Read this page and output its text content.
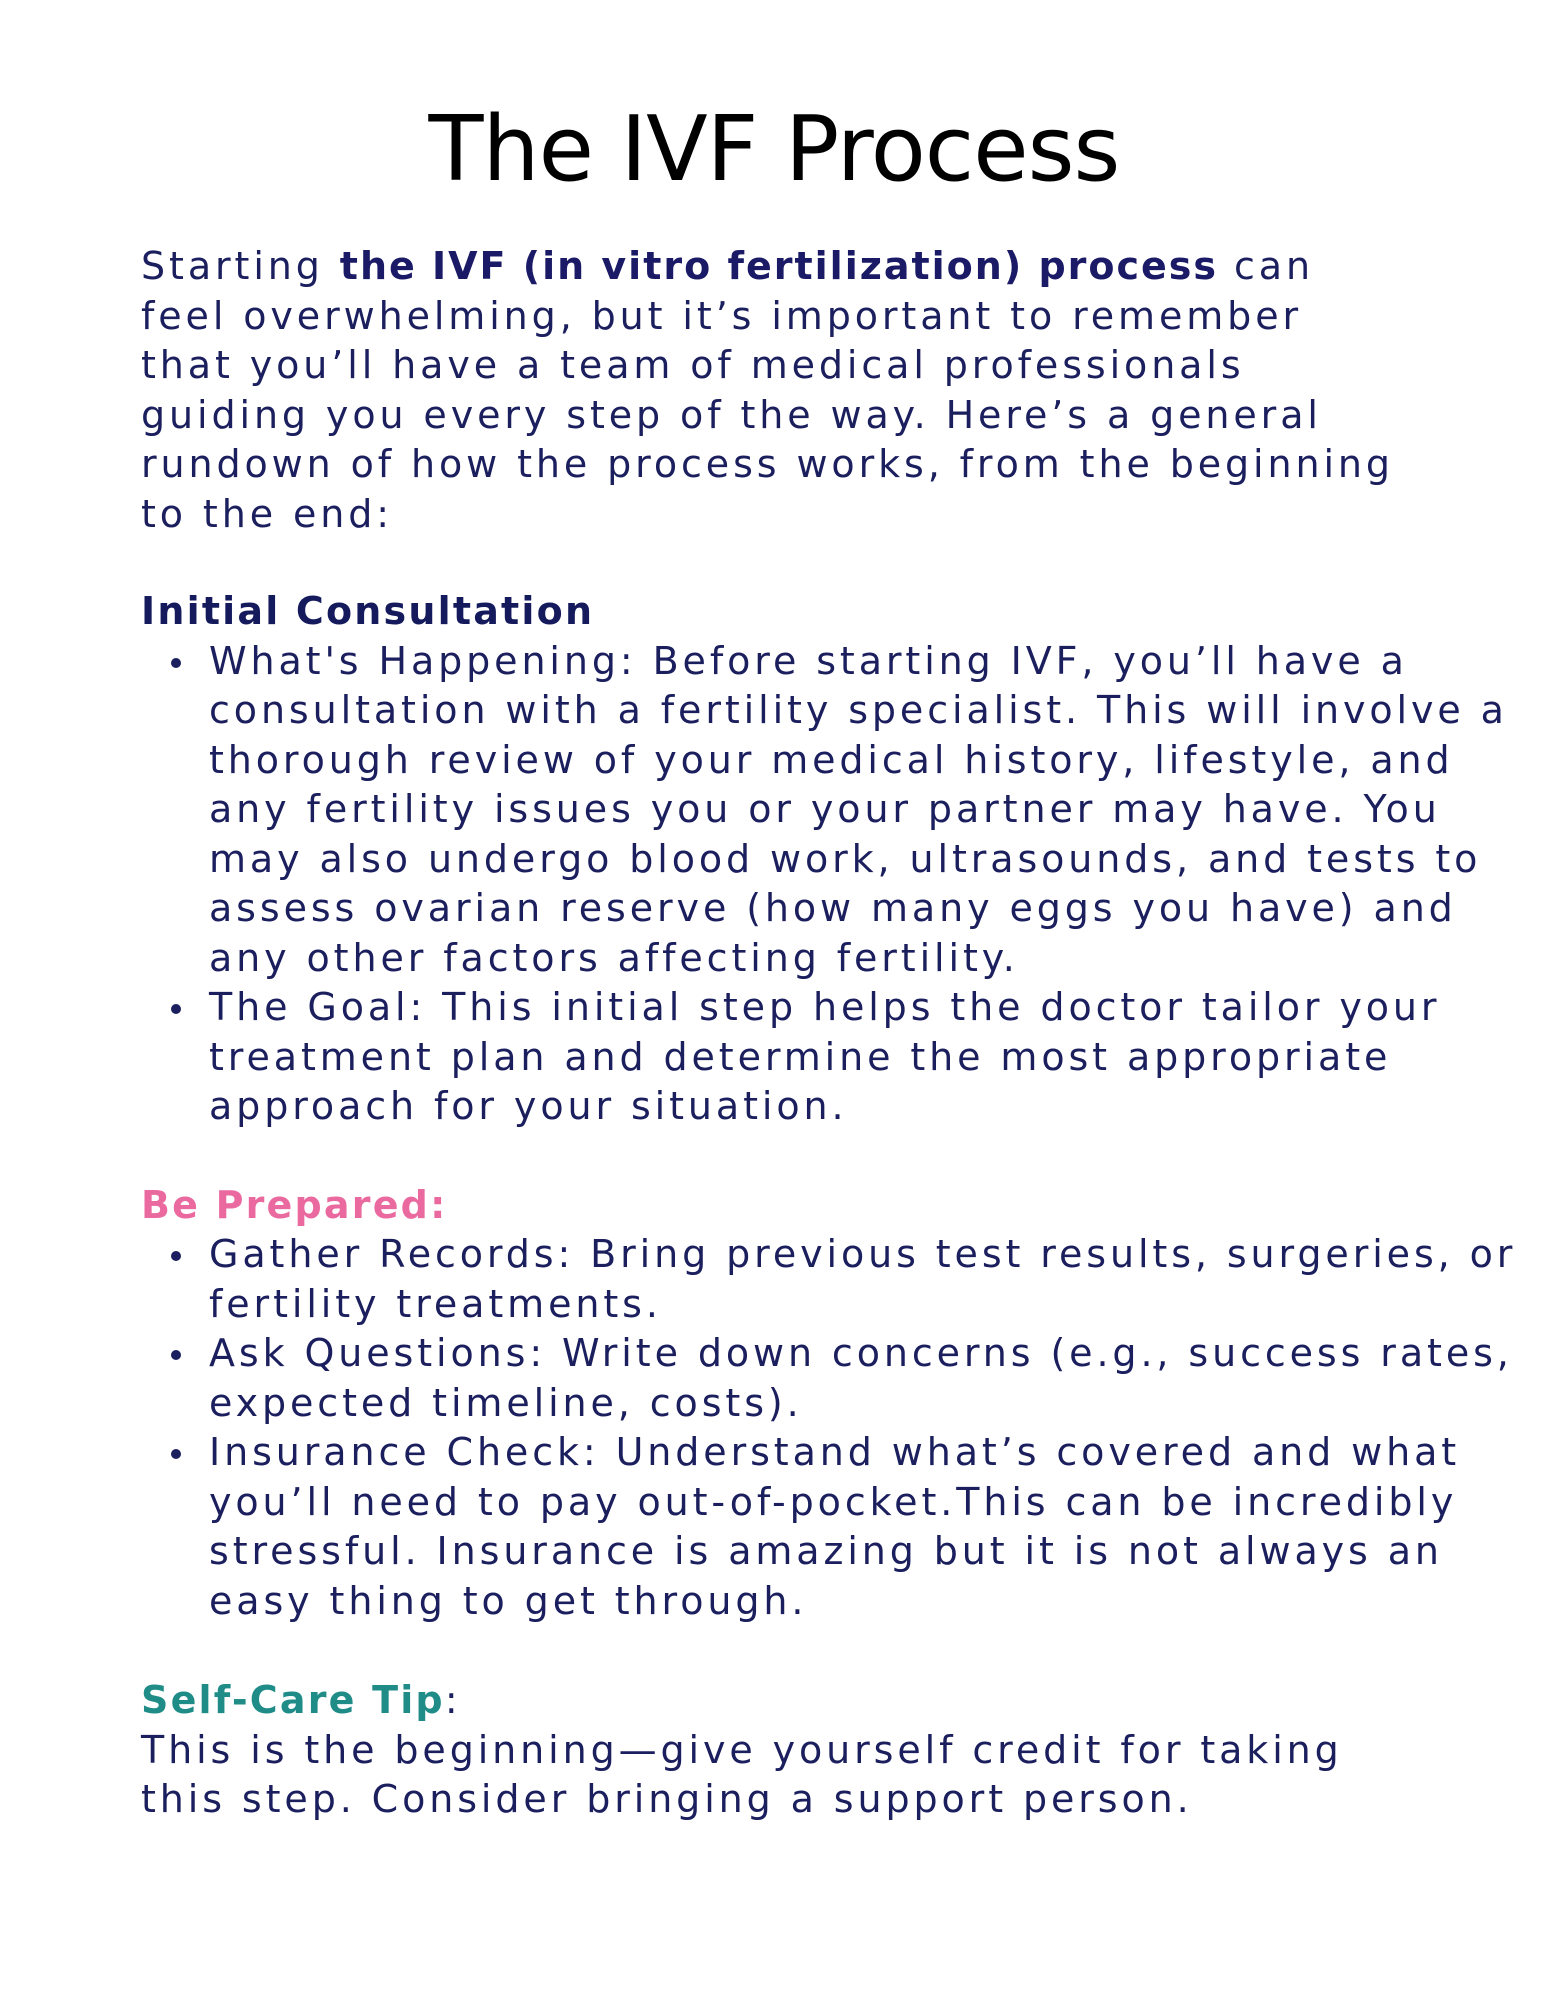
The IVF Process

Starting the IVF (in vitro fertilization) process can feel overwhelming, but it’s important to remember that you’ll have a team of medical professionals guiding you every step of the way. Here’s a general rundown of how the process works, from the beginning to the end:

Initial Consultation
What's Happening: Before starting IVF, you’ll have a consultation with a fertility specialist. This will involve a thorough review of your medical history, lifestyle, and any fertility issues you or your partner may have. You may also undergo blood work, ultrasounds, and tests to assess ovarian reserve (how many eggs you have) and any other factors affecting fertility.
The Goal: This initial step helps the doctor tailor your treatment plan and determine the most appropriate approach for your situation.
Be Prepared:
Gather Records: Bring previous test results, surgeries, or fertility treatments.
Ask Questions: Write down concerns (e.g., success rates, expected timeline, costs).
Insurance Check: Understand what’s covered and what you’ll need to pay out-of-pocket.This can be incredibly stressful. Insurance is amazing but it is not always an easy thing to get through.
Self-Care Tip:

This is the beginning—give yourself credit for taking this step. Consider bringing a support person.
